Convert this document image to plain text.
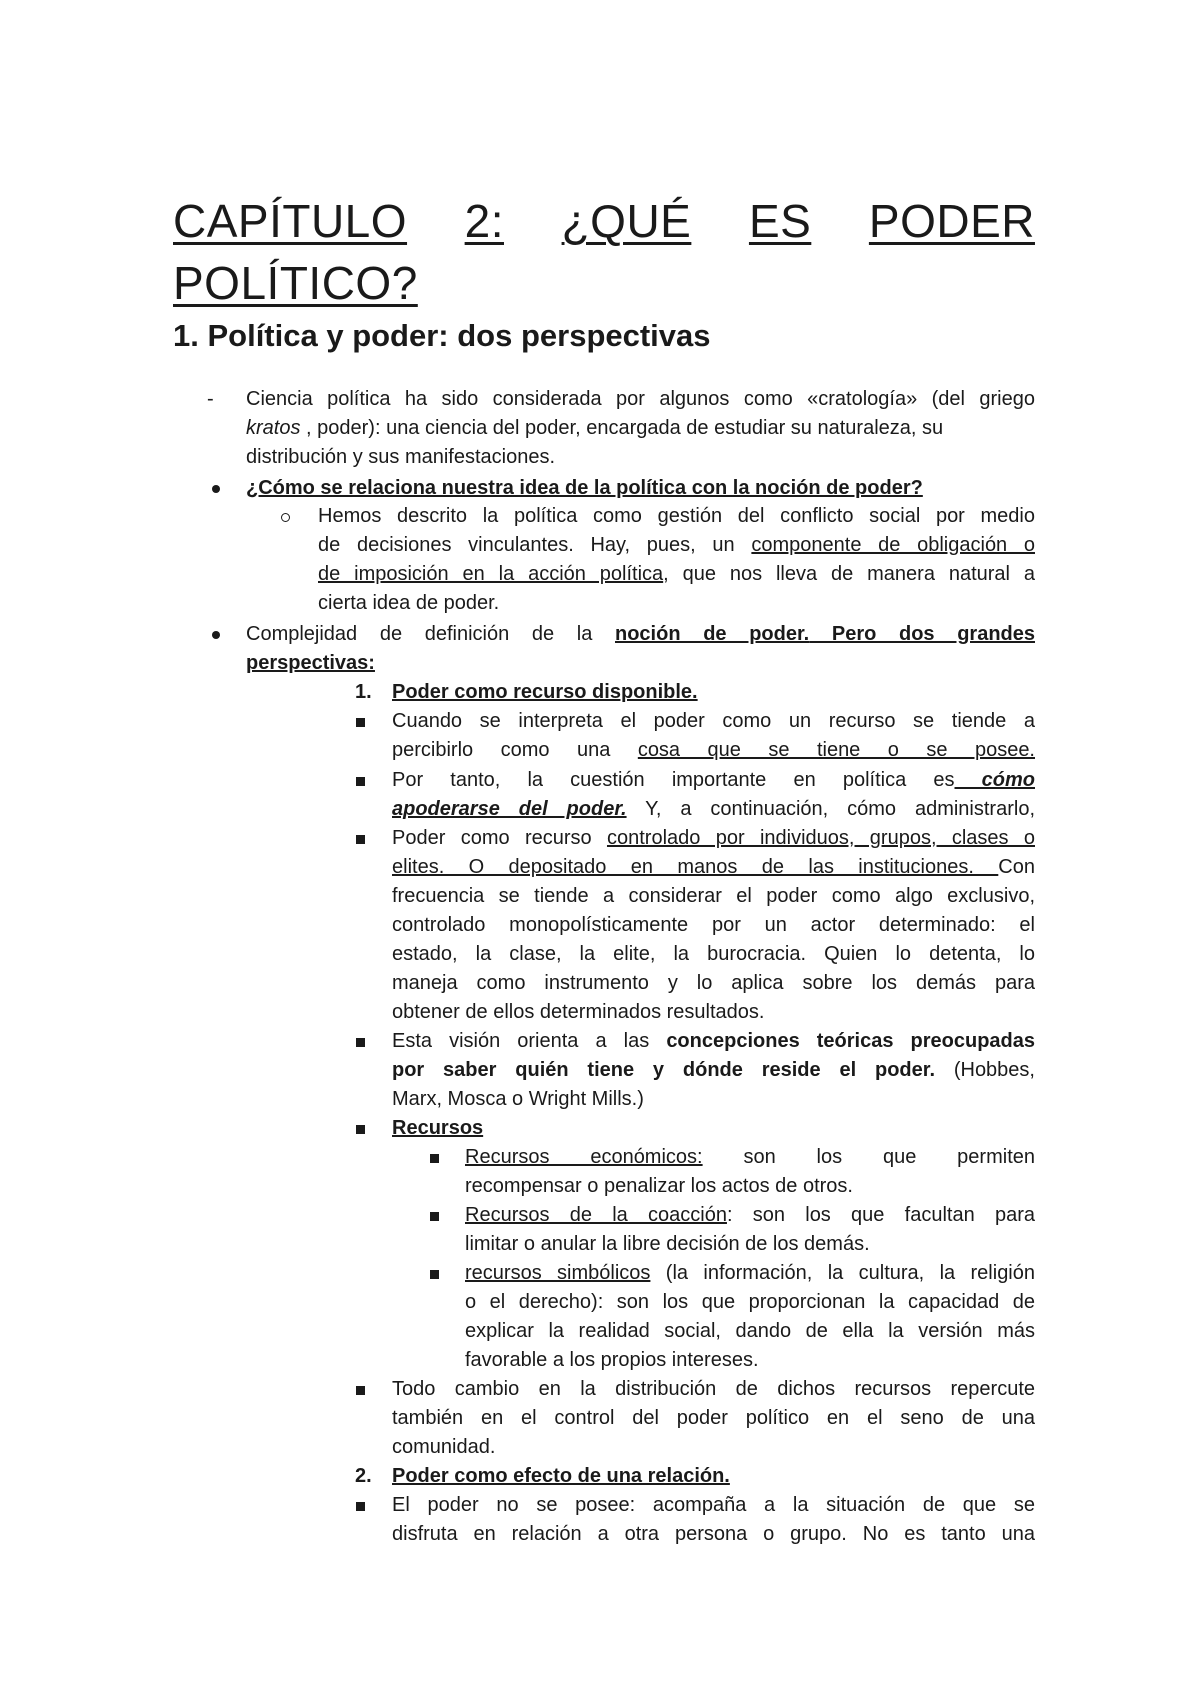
CAPÍTULO 2: ¿QUÉ ES PODER
POLÍTICO?
1. Política y poder: dos perspectivas
- Ciencia política ha sido considerada por algunos como «cratología» (del griego
kratos , poder): una ciencia del poder, encargada de estudiar su naturaleza, su
distribución y sus manifestaciones.
¿Cómo se relaciona nuestra idea de la política con la noción de poder?
Hemos descrito la política como gestión del conflicto social por medio
de decisiones vinculantes. Hay, pues, un componente de obligación o
de imposición en la acción política, que nos lleva de manera natural a
cierta idea de poder.
Complejidad de definición de la noción de poder. Pero dos grandes
perspectivas:
1. Poder como recurso disponible.
Cuando se interpreta el poder como un recurso se tiende a
percibirlo como una cosa que se tiene o se posee.
Por tanto, la cuestión importante en política es cómo
apoderarse del poder. Y, a continuación, cómo administrarlo,
Poder como recurso controlado por individuos, grupos, clases o
elites. O depositado en manos de las instituciones. Con
frecuencia se tiende a considerar el poder como algo exclusivo,
controlado monopolísticamente por un actor determinado: el
estado, la clase, la elite, la burocracia. Quien lo detenta, lo
maneja como instrumento y lo aplica sobre los demás para
obtener de ellos determinados resultados.
Esta visión orienta a las concepciones teóricas preocupadas
por saber quién tiene y dónde reside el poder. (Hobbes,
Marx, Mosca o Wright Mills.)
Recursos
Recursos económicos: son los que permiten
recompensar o penalizar los actos de otros.
Recursos de la coacción: son los que facultan para
limitar o anular la libre decisión de los demás.
recursos simbólicos (la información, la cultura, la religión
o el derecho): son los que proporcionan la capacidad de
explicar la realidad social, dando de ella la versión más
favorable a los propios intereses.
Todo cambio en la distribución de dichos recursos repercute
también en el control del poder político en el seno de una
comunidad.
2. Poder como efecto de una relación.
El poder no se posee: acompaña a la situación de que se
disfruta en relación a otra persona o grupo. No es tanto una
